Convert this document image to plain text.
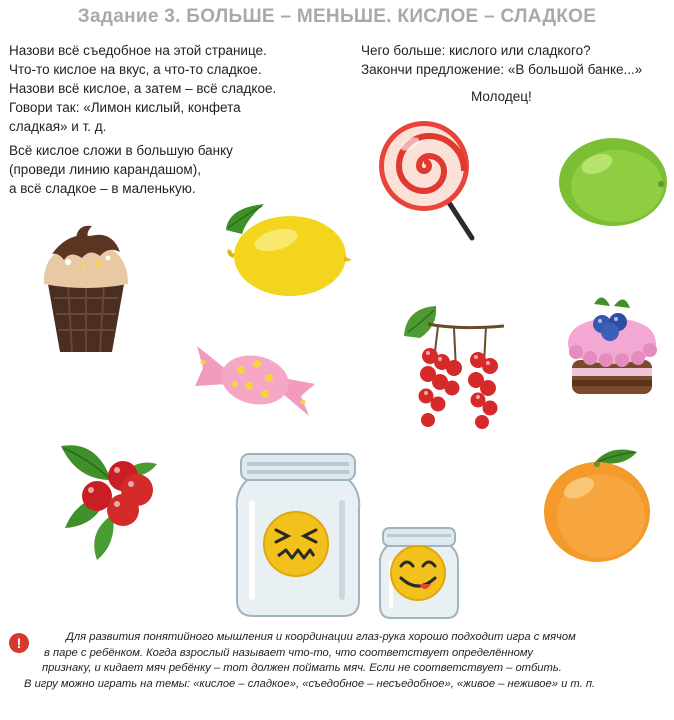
Задание 3. БОЛЬШЕ – МЕНЬШЕ. КИСЛОЕ – СЛАДКОЕ
Назови всё съедобное на этой странице.
Что-то кислое на вкус, а что-то сладкое.
Назови всё кислое, а затем – всё сладкое.
Говори так: «Лимон кислый, конфета
сладкая» и т. д.
Всё кислое сложи в большую банку
(проведи линию карандашом),
а всё сладкое – в маленькую.
Чего больше: кислого или сладкого?
Закончи предложение: «В большой банке...»
Молодец!
!	Для развития понятийного мышления и координации глаз-рука хорошо подходит игра с мячом
в паре с ребёнком. Когда взрослый называет что-то, что соответствует определённому
признаку, и кидает мяч ребёнку – тот должен поймать мяч. Если не соответствует – отбить.
В игру можно играть на темы: «кислое – сладкое», «съедобное – несъедобное», «живое – неживое» и т. п.
